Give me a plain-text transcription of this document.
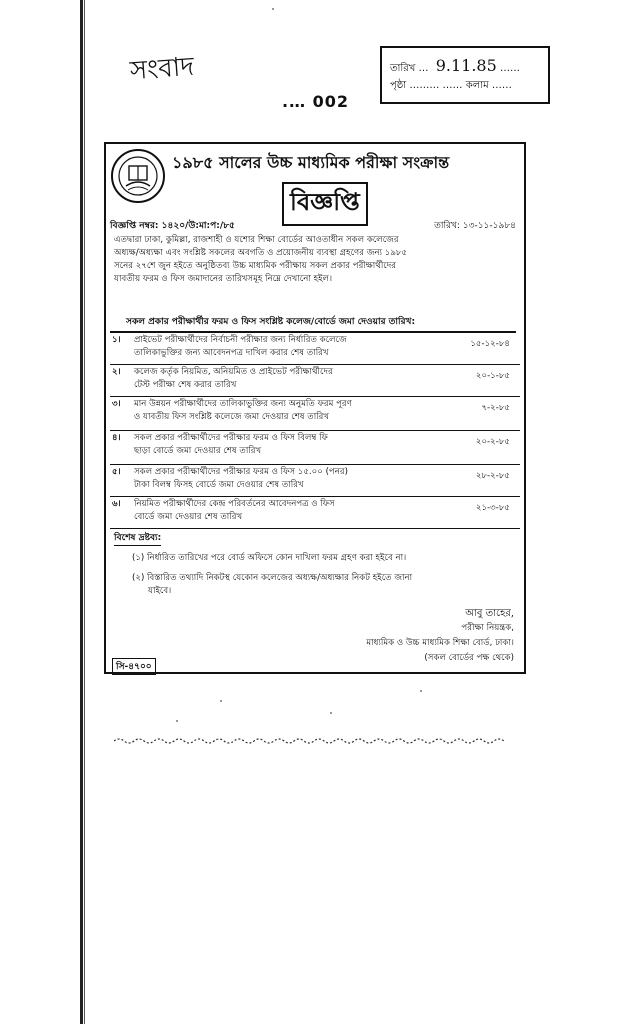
সংবাদ	তারিখ … 9.11.85 ……
পৃষ্ঠা ……… …… কলাম ……
.… 002
১৯৮৫ সালের উচ্চ মাধ্যমিক পরীক্ষা সংক্রান্ত
বিজ্ঞপ্তি
বিজ্ঞপ্তি নম্বর: ১৪২০/উ:মা:প:/৮৫	তারিখ: ১৩-১১-১৯৮৪
এতদ্বারা ঢাকা, কুমিল্লা, রাজশাহী ও যশোর শিক্ষা বোর্ডের আওতাধীন সকল কলেজের
অধ্যক্ষ/অধ্যক্ষা এবং সংশ্লিষ্ট সকলের অবগতি ও প্রয়োজনীয় ব্যবস্থা গ্রহণের জন্য ১৯৮৫
সনের ২৭শে জুন হইতে অনুষ্ঠিতব্য উচ্চ মাধ্যমিক পরীক্ষায় সকল প্রকার পরীক্ষার্থীদের
যাবতীয় ফরম ও ফিস জমাদানের তারিখসমূহ নিম্নে দেখানো হইল।
সকল প্রকার পরীক্ষার্থীর ফরম ও ফিস সংশ্লিষ্ট কলেজ/বোর্ডে জমা দেওয়ার তারিখ:
১। প্রাইভেট পরীক্ষার্থীদের নির্বাচনী পরীক্ষার জন্য নির্ধারিত কলেজে
তালিকাভুক্তির জন্য আবেদনপত্র দাখিল করার শেষ তারিখ
১৫-১২-৮৪
২। কলেজ কর্তৃক নিয়মিত, অনিয়মিত ও প্রাইভেট পরীক্ষার্থীদের
টেস্ট পরীক্ষা শেষ করার তারিখ
২০-১-৮৫
৩। মান উন্নয়ন পরীক্ষার্থীদের তালিকাভুক্তির জন্য অনুমতি ফরম পূরণ
ও যাবতীয় ফিস সংশ্লিষ্ট কলেজে জমা দেওয়ার শেষ তারিখ
৭-২-৮৫
৪। সকল প্রকার পরীক্ষার্থীদের পরীক্ষার ফরম ও ফিস বিলম্ব ফি
ছাড়া বোর্ডে জমা দেওয়ার শেষ তারিখ
২০-২-৮৫
৫। সকল প্রকার পরীক্ষার্থীদের পরীক্ষার ফরম ও ফিস ১৫.০০ (পনর)
টাকা বিলম্ব ফিসহ বোর্ডে জমা দেওয়ার শেষ তারিখ
২৮-২-৮৫
৬। নিয়মিত পরীক্ষার্থীদের কেন্দ্র পরিবর্তনের আবেদনপত্র ও ফিস
বোর্ডে জমা দেওয়ার শেষ তারিখ
২১-৩-৮৫
বিশেষ দ্রষ্টব্য:
(১) নির্ধারিত তারিখের পরে বোর্ড অফিসে কোন দাখিলা ফরম গ্রহণ করা হইবে না।
(২) বিস্তারিত তথ্যাদি নিকটস্থ যেকোন কলেজের অধ্যক্ষ/অধ্যক্ষার নিকট হইতে জানা
যাইবে।
আবু তাহের,
পরীক্ষা নিয়ন্ত্রক,
মাধ্যমিক ও উচ্চ মাধ্যমিক শিক্ষা বোর্ড, ঢাকা।
(সকল বোর্ডের পক্ষ থেকে)
সি-৪৭০০
